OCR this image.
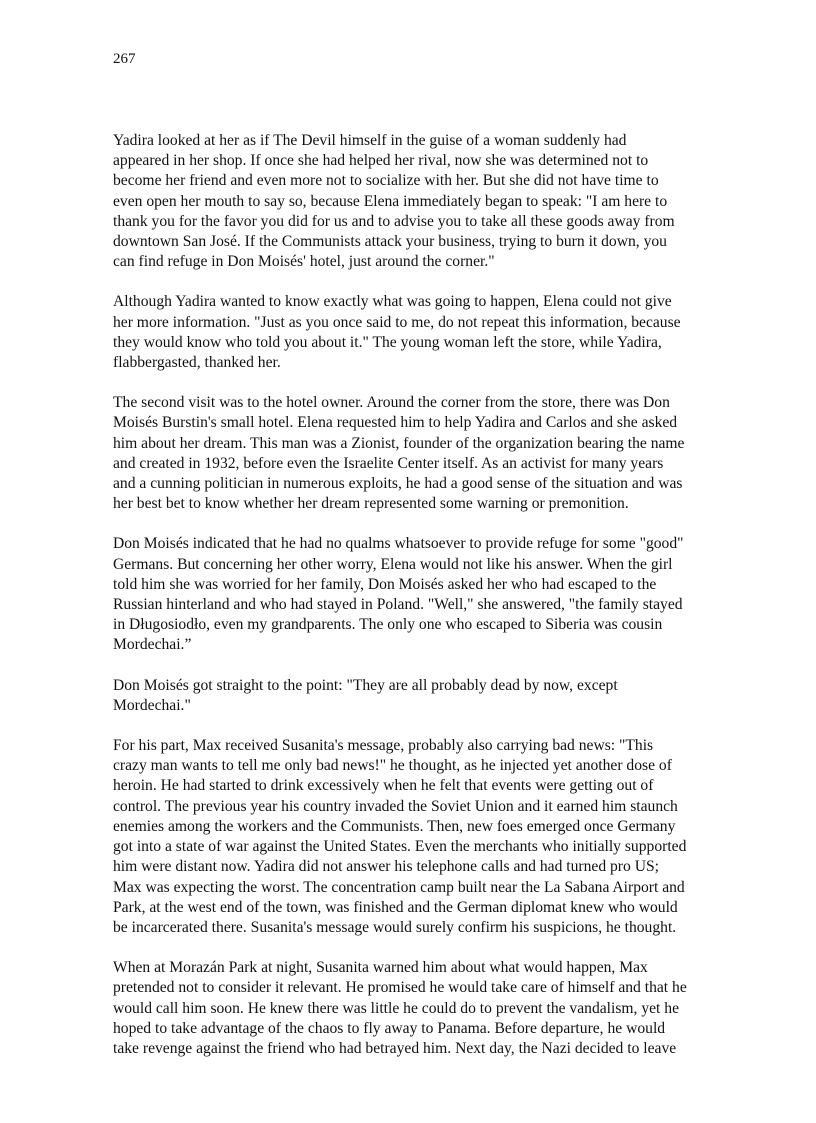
267

Yadira looked at her as if The Devil himself in the guise of a woman suddenly had
appeared in her shop. If once she had helped her rival, now she was determined not to
become her friend and even more not to socialize with her. But she did not have time to
even open her mouth to say so, because Elena immediately began to speak: "I am here to
thank you for the favor you did for us and to advise you to take all these goods away from
downtown San José. If the Communists attack your business, trying to burn it down, you
can find refuge in Don Moisés' hotel, just around the corner."

Although Yadira wanted to know exactly what was going to happen, Elena could not give
her more information. "Just as you once said to me, do not repeat this information, because
they would know who told you about it." The young woman left the store, while Yadira,
flabbergasted, thanked her.

The second visit was to the hotel owner. Around the corner from the store, there was Don
Moisés Burstin's small hotel. Elena requested him to help Yadira and Carlos and she asked
him about her dream. This man was a Zionist, founder of the organization bearing the name
and created in 1932, before even the Israelite Center itself. As an activist for many years
and a cunning politician in numerous exploits, he had a good sense of the situation and was
her best bet to know whether her dream represented some warning or premonition.

Don Moisés indicated that he had no qualms whatsoever to provide refuge for some "good"
Germans. But concerning her other worry, Elena would not like his answer. When the girl
told him she was worried for her family, Don Moisés asked her who had escaped to the
Russian hinterland and who had stayed in Poland. "Well," she answered, "the family stayed
in Długosiodło, even my grandparents. The only one who escaped to Siberia was cousin
Mordechai.”

Don Moisés got straight to the point: "They are all probably dead by now, except
Mordechai."

For his part, Max received Susanita's message, probably also carrying bad news: "This
crazy man wants to tell me only bad news!" he thought, as he injected yet another dose of
heroin. He had started to drink excessively when he felt that events were getting out of
control. The previous year his country invaded the Soviet Union and it earned him staunch
enemies among the workers and the Communists. Then, new foes emerged once Germany
got into a state of war against the United States. Even the merchants who initially supported
him were distant now. Yadira did not answer his telephone calls and had turned pro US;
Max was expecting the worst. The concentration camp built near the La Sabana Airport and
Park, at the west end of the town, was finished and the German diplomat knew who would
be incarcerated there. Susanita's message would surely confirm his suspicions, he thought.

When at Morazán Park at night, Susanita warned him about what would happen, Max
pretended not to consider it relevant. He promised he would take care of himself and that he
would call him soon. He knew there was little he could do to prevent the vandalism, yet he
hoped to take advantage of the chaos to fly away to Panama. Before departure, he would
take revenge against the friend who had betrayed him. Next day, the Nazi decided to leave
